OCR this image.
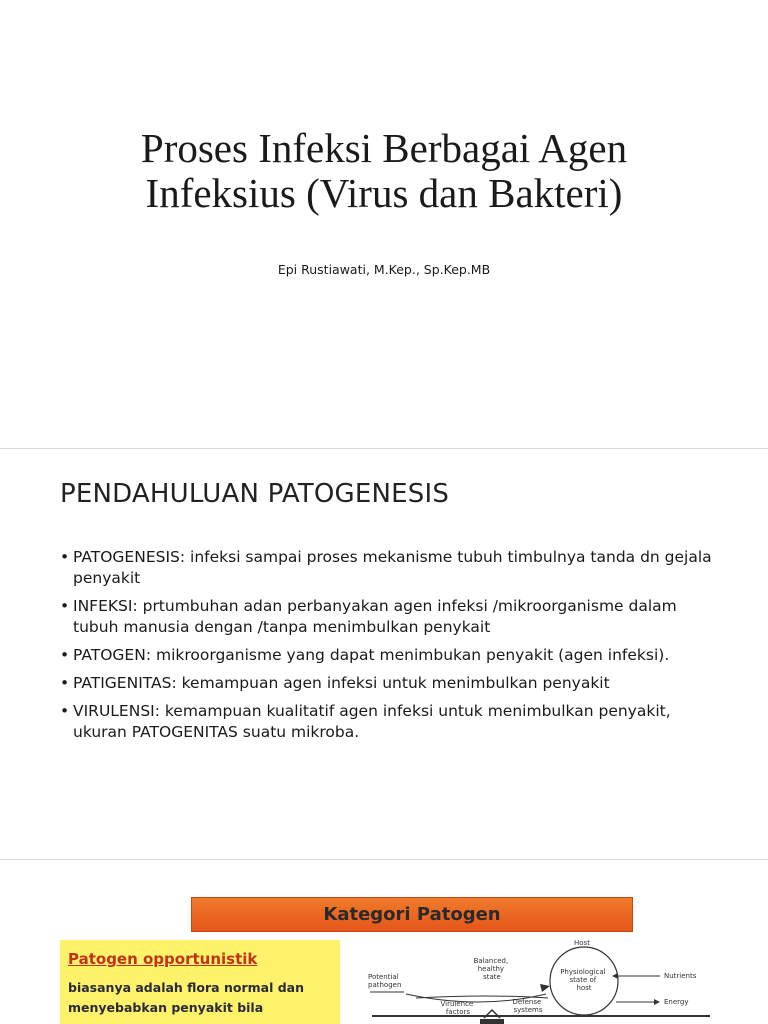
Proses Infeksi Berbagai Agen
Infeksius (Virus dan Bakteri)
Epi Rustiawati, M.Kep., Sp.Kep.MB
PENDAHULUAN PATOGENESIS
• PATOGENESIS: infeksi sampai proses mekanisme tubuh timbulnya tanda dn gejala penyakit
• INFEKSI: prtumbuhan adan perbanyakan agen infeksi /mikroorganisme dalam tubuh manusia dengan /tanpa menimbulkan penykait
• PATOGEN: mikroorganisme yang dapat menimbukan penyakit (agen infeksi).
• PATIGENITAS: kemampuan agen infeksi untuk menimbulkan penyakit
• VIRULENSI: kemampuan kualitatif agen infeksi untuk menimbulkan penyakit, ukuran PATOGENITAS suatu mikroba.
Kategori Patogen
Patogen opportunistik
biasanya adalah flora normal dan menyebabkan penyakit bila
Host
Physiological state of host
Potential pathogen
Balanced, healthy state
Virulence factors
Defense systems
Nutrients
Energy
